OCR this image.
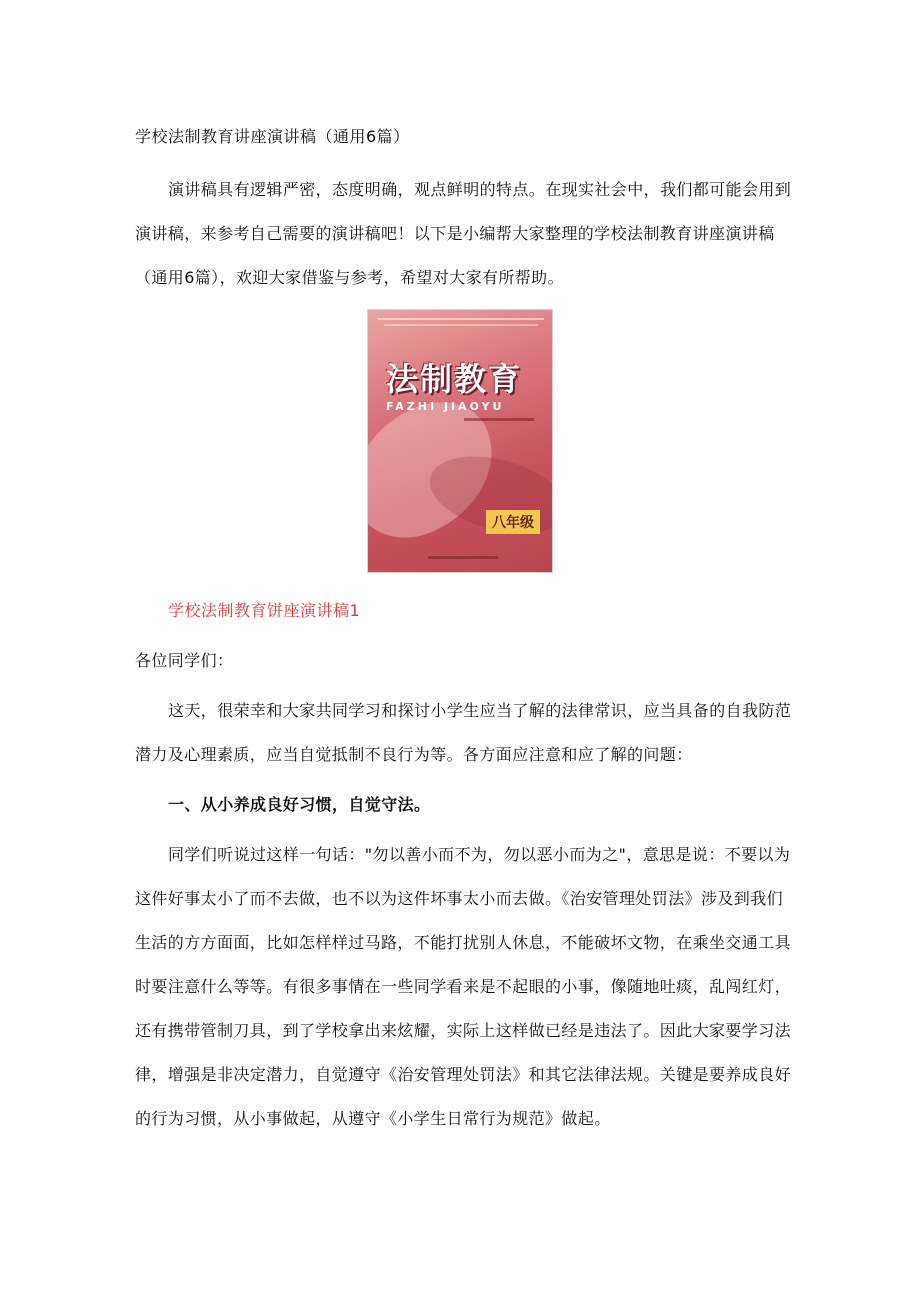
学校法制教育讲座演讲稿（通用6篇）

演讲稿具有逻辑严密，态度明确，观点鲜明的特点。在现实社会中，我们都可能会用到演讲稿，来参考自己需要的演讲稿吧！以下是小编帮大家整理的学校法制教育讲座演讲稿（通用6篇），欢迎大家借鉴与参考，希望对大家有所帮助。

法制教育
FAZHI JIAOYU
八年级
学校法制教育饼座演讲稿1
各位同学们：

这天，很荣幸和大家共同学习和探讨小学生应当了解的法律常识，应当具备的自我防范潜力及心理素质，应当自觉抵制不良行为等。各方面应注意和应了解的问题：

一、从小养成良好习惯，自觉守法。

同学们听说过这样一句话："勿以善小而不为，勿以恶小而为之"，意思是说：不要以为这件好事太小了而不去做，也不以为这件坏事太小而去做。《治安管理处罚法》涉及到我们生活的方方面面，比如怎样样过马路，不能打扰别人休息，不能破坏文物，在乘坐交通工具时要注意什么等等。有很多事情在一些同学看来是不起眼的小事，像随地吐痰，乱闯红灯，还有携带管制刀具，到了学校拿出来炫耀，实际上这样做已经是违法了。因此大家要学习法律，增强是非决定潜力，自觉遵守《治安管理处罚法》和其它法律法规。关键是要养成良好的行为习惯，从小事做起，从遵守《小学生日常行为规范》做起。
